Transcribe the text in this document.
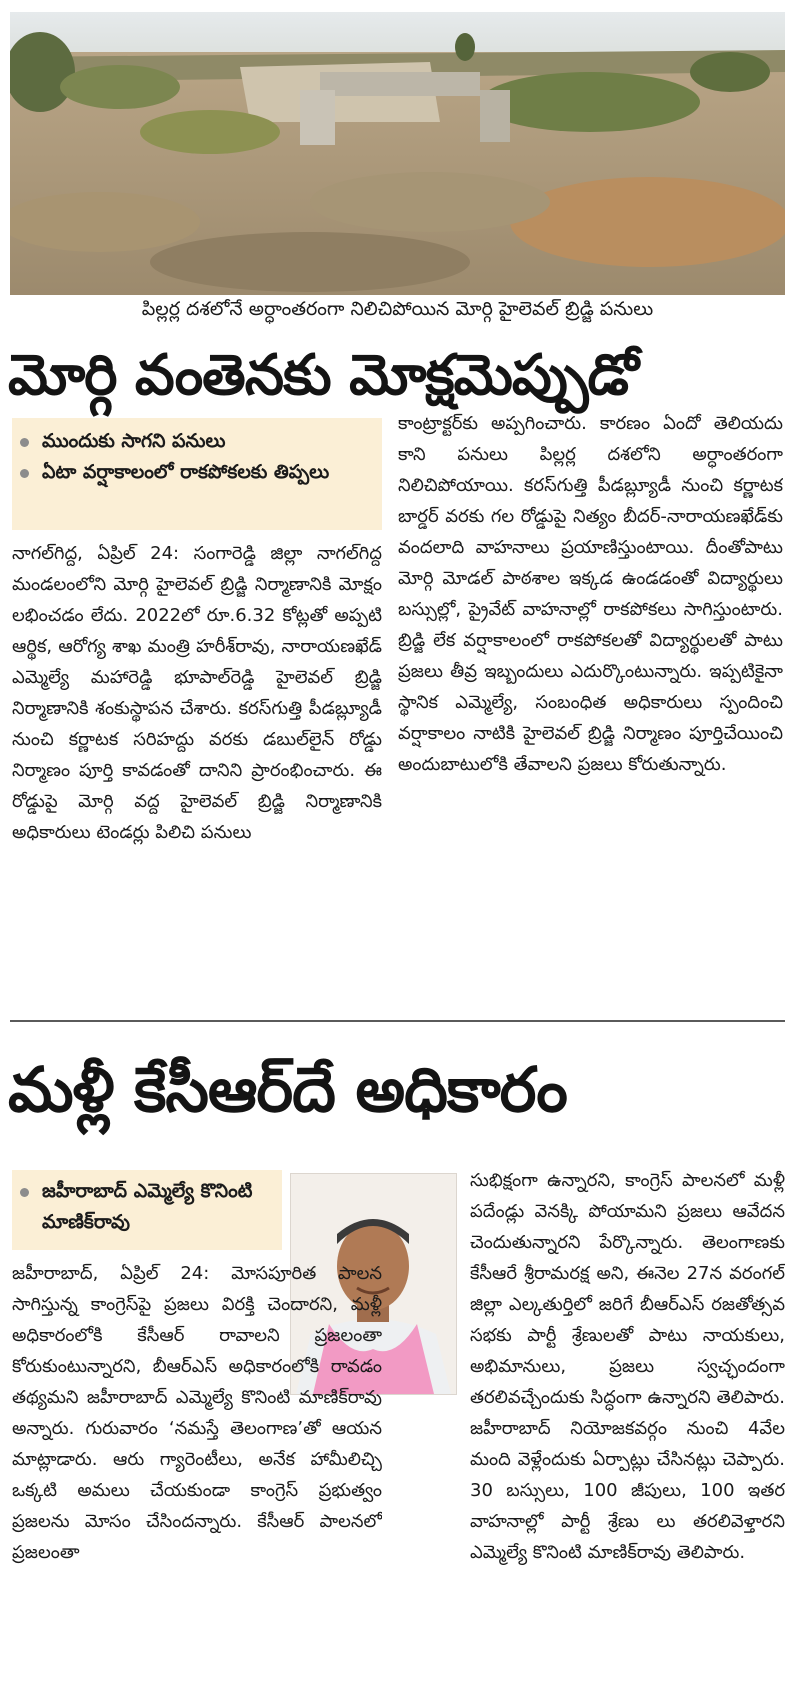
పిల్లర్ల దశలోనే అర్ధాంతరంగా నిలిచిపోయిన మోర్గి హైలెవల్ బ్రిడ్జి పనులు
మోర్గి వంతెనకు మోక్షమెప్పుడో
ముందుకు సాగని పనులు
ఏటా వర్షాకాలంలో రాకపోకలకు తిప్పలు

నాగల్‌గిద్ద, ఏప్రిల్ 24: సంగారెడ్డి జిల్లా నాగల్‌గిద్ద మండలంలోని మోర్గి హైలెవల్ బ్రిడ్జి నిర్మాణానికి మోక్షం లభించడం లేదు. 2022లో రూ.6.32 కోట్లతో అప్పటి ఆర్థిక, ఆరోగ్య శాఖ మంత్రి హరీశ్‌రావు, నారాయణఖేడ్ ఎమ్మెల్యే మహారెడ్డి భూపాల్‌రెడ్డి హైలెవల్ బ్రిడ్జి నిర్మాణానికి శంకుస్థాపన చేశారు. కరస్‌గుత్తి పీడబ్ల్యూడీ నుంచి కర్ణాటక సరిహద్దు వరకు డబుల్‌లైన్ రోడ్డు నిర్మాణం పూర్తి కావడంతో దానిని ప్రారంభించారు. ఈ రోడ్డుపై మోర్గి వద్ద హైలెవల్ బ్రిడ్జి నిర్మాణానికి అధికారులు టెండర్లు పిలిచి పనులు

కాంట్రాక్టర్‌కు అప్పగించారు. కారణం ఏందో తెలియదు కాని పనులు పిల్లర్ల దశలోని అర్ధాంతరంగా నిలిచిపోయాయి. కరస్‌గుత్తి పీడబ్ల్యూడీ నుంచి కర్ణాటక బార్డర్ వరకు గల రోడ్డుపై నిత్యం బీదర్-నారాయణఖేడ్‌కు వందలాది వాహనాలు ప్రయాణిస్తుంటాయి. దీంతోపాటు మోర్గి మోడల్ పాఠశాల ఇక్కడ ఉండడంతో విద్యార్థులు బస్సుల్లో, ప్రైవేట్ వాహనాల్లో రాకపోకలు సాగిస్తుంటారు. బ్రిడ్జి లేక వర్షాకాలంలో రాకపోకలతో విద్యార్థులతో పాటు ప్రజలు తీవ్ర ఇబ్బందులు ఎదుర్కొంటున్నారు. ఇప్పటికైనా స్థానిక ఎమ్మెల్యే, సంబంధిత అధికారులు స్పందించి వర్షాకాలం నాటికి హైలెవల్ బ్రిడ్జి నిర్మాణం పూర్తిచేయించి అందుబాటులోకి తేవాలని ప్రజలు కోరుతున్నారు.

మళ్లీ కేసీఆర్‌దే అధికారం
జహీరాబాద్ ఎమ్మెల్యే కొనింటి మాణిక్‌రావు

జహీరాబాద్, ఏప్రిల్ 24: మోసపూరిత పాలన సాగిస్తున్న కాంగ్రెస్‌పై ప్రజలు విరక్తి చెందారని, మళ్లీ అధికారంలోకి కేసీఆర్ రావాలని ప్రజలంతా కోరుకుంటున్నారని, బీఆర్‌ఎస్ అధికారంలోకి రావడం తథ్యమని జహీరాబాద్ ఎమ్మెల్యే కొనింటి మాణిక్‌రావు అన్నారు. గురువారం ‘నమస్తే తెలంగాణ’తో ఆయన మాట్లాడారు. ఆరు గ్యారెంటీలు, అనేక హామీలిచ్చి ఒక్కటి అమలు చేయకుండా కాంగ్రెస్ ప్రభుత్వం ప్రజలను మోసం చేసిందన్నారు. కేసీఆర్ పాలనలో ప్రజలంతా

సుభిక్షంగా ఉన్నారని, కాంగ్రెస్ పాలనలో మళ్లీ పదేండ్లు వెనక్కి పోయామని ప్రజలు ఆవేదన చెందుతున్నారని పేర్కొన్నారు. తెలంగాణకు కేసీఆరే శ్రీరామరక్ష అని, ఈనెల 27న వరంగల్ జిల్లా ఎల్కతుర్తిలో జరిగే బీఆర్‌ఎస్ రజతోత్సవ సభకు పార్టీ శ్రేణులతో పాటు నాయకులు, అభిమానులు, ప్రజలు స్వచ్ఛందంగా తరలివచ్చేందుకు సిద్ధంగా ఉన్నారని తెలిపారు. జహీరాబాద్ నియోజకవర్గం నుంచి 4వేల మంది వెళ్లేందుకు ఏర్పాట్లు చేసినట్లు చెప్పారు. 30 బస్సులు, 100 జీపులు, 100 ఇతర వాహనాల్లో పార్టీ శ్రేణు లు తరలివెళ్తారని ఎమ్మెల్యే కొనింటి మాణిక్‌రావు తెలిపారు.
